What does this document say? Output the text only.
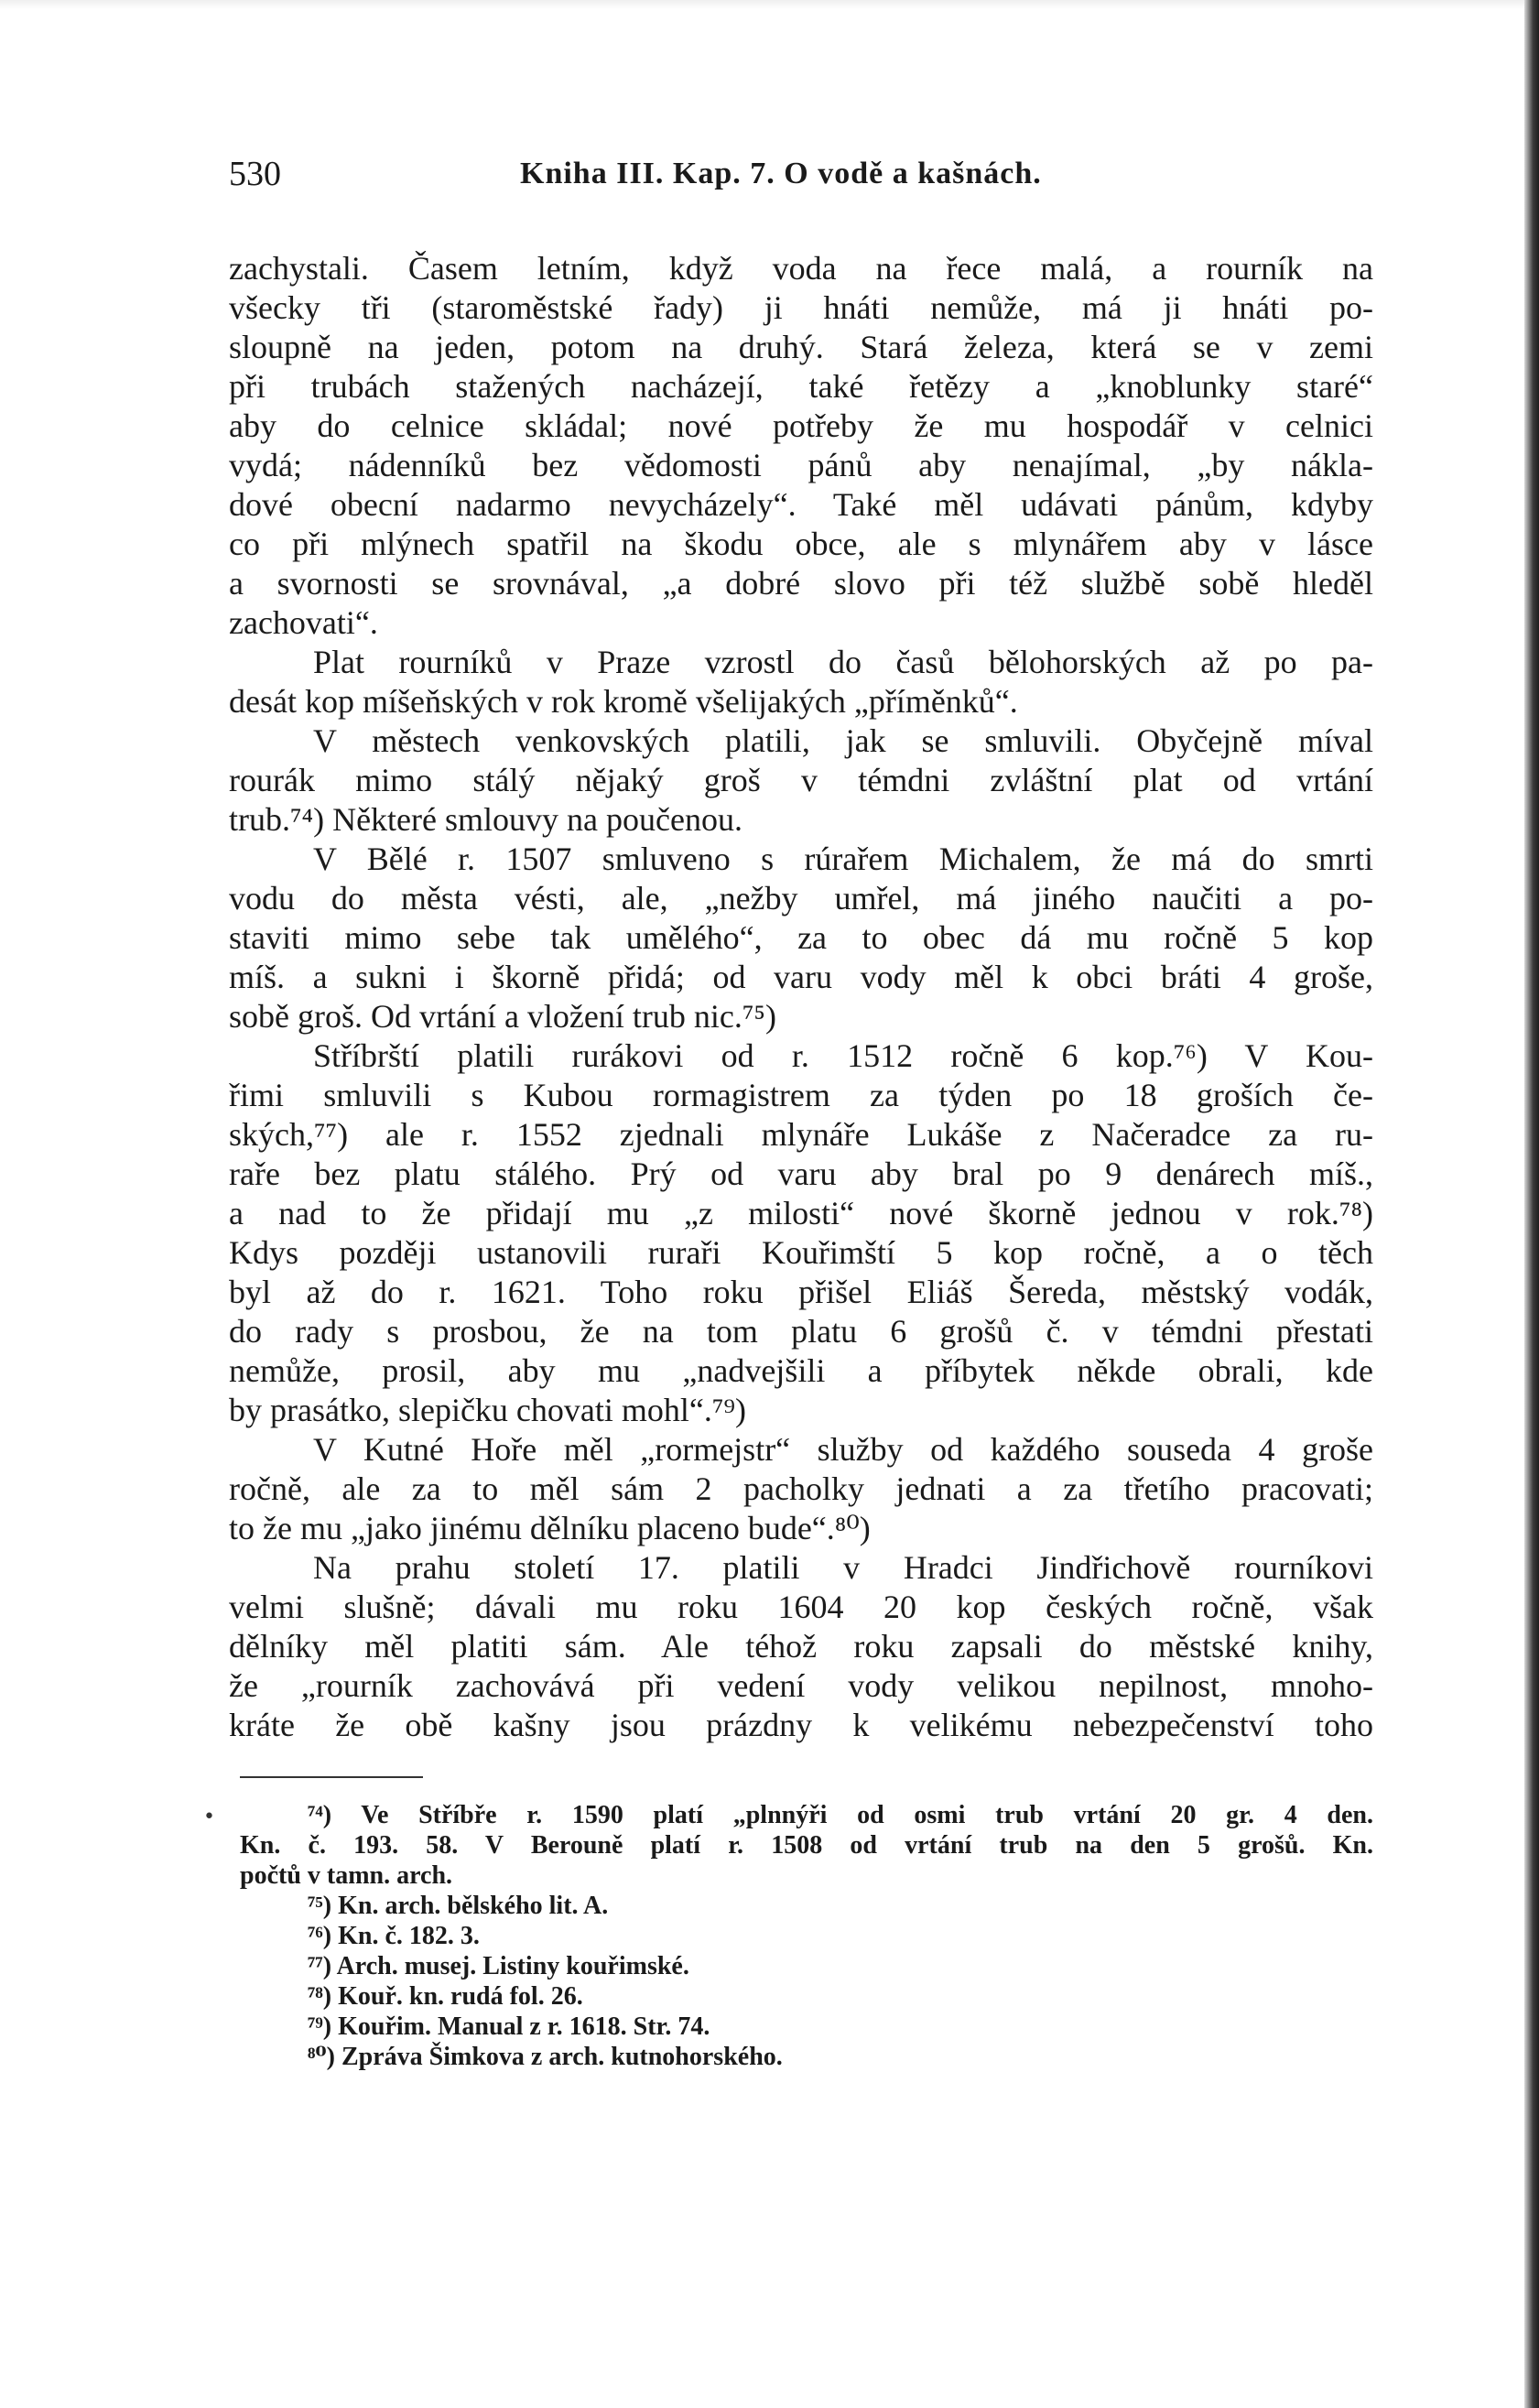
530	Kniha III. Kap. 7. O vodě a kašnách.
zachystali. Časem letním, když voda na řece malá, a rourník na
všecky tři (staroměstské řady) ji hnáti nemůže, má ji hnáti po-
sloupně na jeden, potom na druhý. Stará železa, která se v zemi
při trubách stažených nacházejí, také řetězy a „knoblunky staré“
aby do celnice skládal; nové potřeby že mu hospodář v celnici
vydá; nádenníků bez vědomosti pánů aby nenajímal, „by nákla-
dové obecní nadarmo nevycházely“. Také měl udávati pánům, kdyby
co při mlýnech spatřil na škodu obce, ale s mlynářem aby v lásce
a svornosti se srovnával, „a dobré slovo při též službě sobě hleděl
zachovati“.
Plat rourníků v Praze vzrostl do časů bělohorských až po pa-
desát kop míšeňských v rok kromě všelijakých „příměnků“.
V městech venkovských platili, jak se smluvili. Obyčejně míval
rourák mimo stálý nějaký groš v témdni zvláštní plat od vrtání
trub.⁷⁴) Některé smlouvy na poučenou.
V Bělé r. 1507 smluveno s rúrařem Michalem, že má do smrti
vodu do města vésti, ale, „nežby umřel, má jiného naučiti a po-
staviti mimo sebe tak umělého“, za to obec dá mu ročně 5 kop
míš. a sukni i škorně přidá; od varu vody měl k obci bráti 4 groše,
sobě groš. Od vrtání a vložení trub nic.⁷⁵)
Stříbrští platili rurákovi od r. 1512 ročně 6 kop.⁷⁶) V Kou-
řimi smluvili s Kubou rormagistrem za týden po 18 groších če-
ských,⁷⁷) ale r. 1552 zjednali mlynáře Lukáše z Načeradce za ru-
raře bez platu stálého. Prý od varu aby bral po 9 denárech míš.,
a nad to že přidají mu „z milosti“ nové škorně jednou v rok.⁷⁸)
Kdys později ustanovili ruraři Kouřimští 5 kop ročně, a o těch
byl až do r. 1621. Toho roku přišel Eliáš Šereda, městský vodák,
do rady s prosbou, že na tom platu 6 grošů č. v témdni přestati
nemůže, prosil, aby mu „nadvejšili a příbytek někde obrali, kde
by prasátko, slepičku chovati mohl“.⁷⁹)
V Kutné Hoře měl „rormejstr“ služby od každého souseda 4 groše
ročně, ale za to měl sám 2 pacholky jednati a za třetího pracovati;
to že mu „jako jinému dělníku placeno bude“.⁸⁰)
Na prahu století 17. platili v Hradci Jindřichově rourníkovi
velmi slušně; dávali mu roku 1604 20 kop českých ročně, však
dělníky měl platiti sám. Ale téhož roku zapsali do městské knihy,
že „rourník zachovává při vedení vody velikou nepilnost, mnoho-
kráte že obě kašny jsou prázdny k velikému nebezpečenství toho
•	⁷⁴) Ve Stříbře r. 1590 platí „plnnýři od osmi trub vrtání 20 gr. 4 den.
Kn. č. 193. 58. V Berouně platí r. 1508 od vrtání trub na den 5 grošů. Kn.
počtů v tamn. arch.
⁷⁵) Kn. arch. bělského lit. A.
⁷⁶) Kn. č. 182. 3.
⁷⁷) Arch. musej. Listiny kouřimské.
⁷⁸) Kouř. kn. rudá fol. 26.
⁷⁹) Kouřim. Manual z r. 1618. Str. 74.
⁸⁰) Zpráva Šimkova z arch. kutnohorského.
